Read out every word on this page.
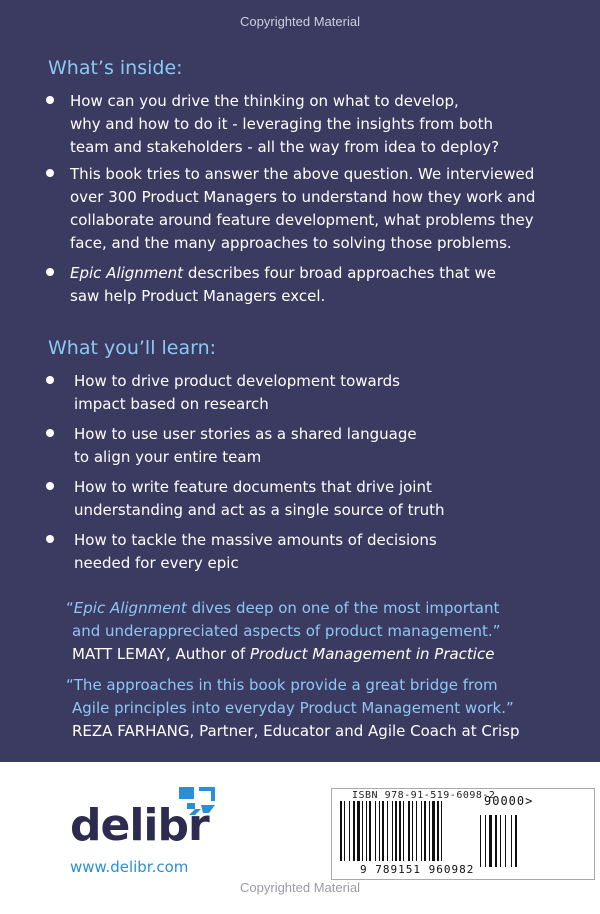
Copyrighted Material
What’s inside:
How can you drive the thinking on what to develop,
why and how to do it - leveraging the insights from both
team and stakeholders - all the way from idea to deploy?
This book tries to answer the above question. We interviewed
over 300 Product Managers to understand how they work and
collaborate around feature development, what problems they
face, and the many approaches to solving those problems.
Epic Alignment describes four broad approaches that we
saw help Product Managers excel.
What you’ll learn:
How to drive product development towards
impact based on research
How to use user stories as a shared language
to align your entire team
How to write feature documents that drive joint
understanding and act as a single source of truth
How to tackle the massive amounts of decisions
needed for every epic
“Epic Alignment dives deep on one of the most important
and underappreciated aspects of product management.”
MATT LEMAY, Author of Product Management in Practice
“The approaches in this book provide a great bridge from
Agile principles into everyday Product Management work.”
REZA FARHANG, Partner, Educator and Agile Coach at Crisp
delibr
www.delibr.com
ISBN 978-91-519-6098-2
9 789151 960982
90000>
Copyrighted Material
